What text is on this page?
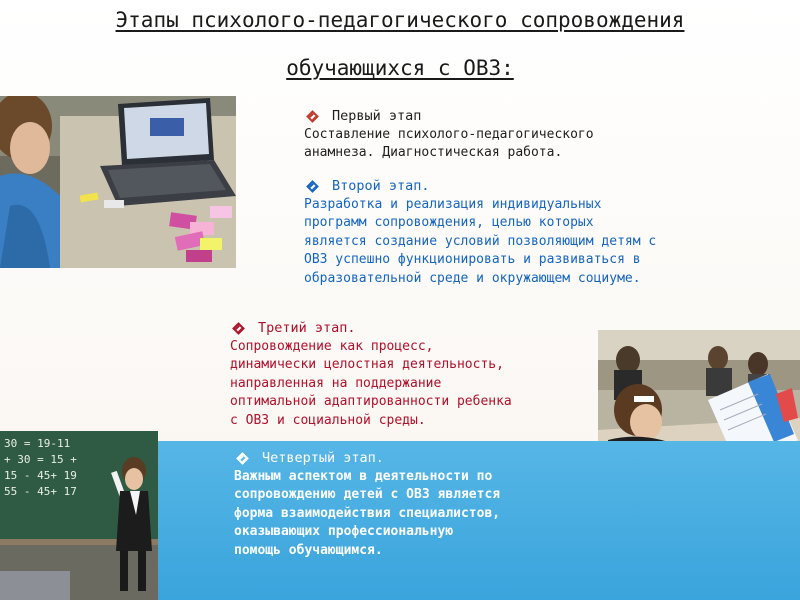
Этапы психолого-педагогического сопровождения
обучающихся с ОВЗ:
Первый этап
Составление психолого-педагогического
анамнеза. Диагностическая работа.
Второй этап.
Разработка и реализация индивидуальных
программ сопровождения, целью которых
является создание условий позволяющим детям с
ОВЗ успешно функционировать и развиваться в
образовательной среде и окружающем социуме.
Третий этап.
Сопровождение как процесс,
динамически целостная деятельность,
направленная на поддержание
оптимальной адаптированности ребенка
с ОВЗ и социальной среды.
30 = 19-11
+ 30 = 15 +
15 - 45+ 19
55 - 45+ 17
Четвертый этап.
Важным аспектом в деятельности по
сопровождению детей с ОВЗ является
форма взаимодействия специалистов,
оказывающих профессиональную
помощь обучающимся.
